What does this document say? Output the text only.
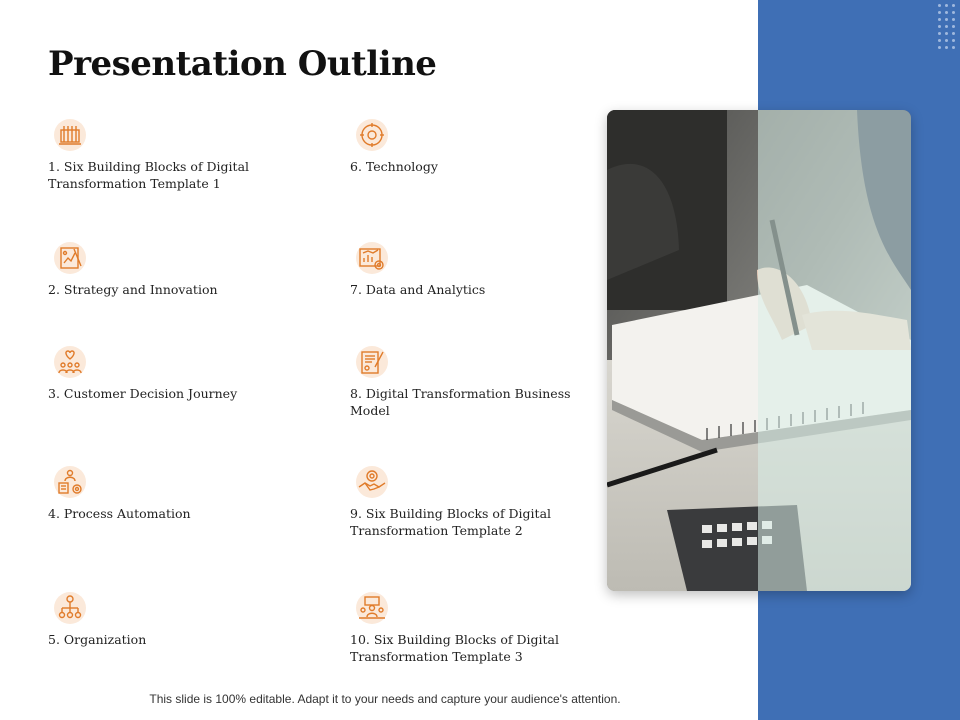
Presentation Outline
1. Six Building Blocks of Digital Transformation Template 1
2. Strategy and Innovation
3. Customer Decision Journey
4. Process Automation
5. Organization
6. Technology
7. Data and Analytics
8. Digital Transformation Business Model
9. Six Building Blocks of Digital Transformation Template 2
10. Six Building Blocks of Digital Transformation Template 3
This slide is 100% editable. Adapt it to your needs and capture your audience's attention.
